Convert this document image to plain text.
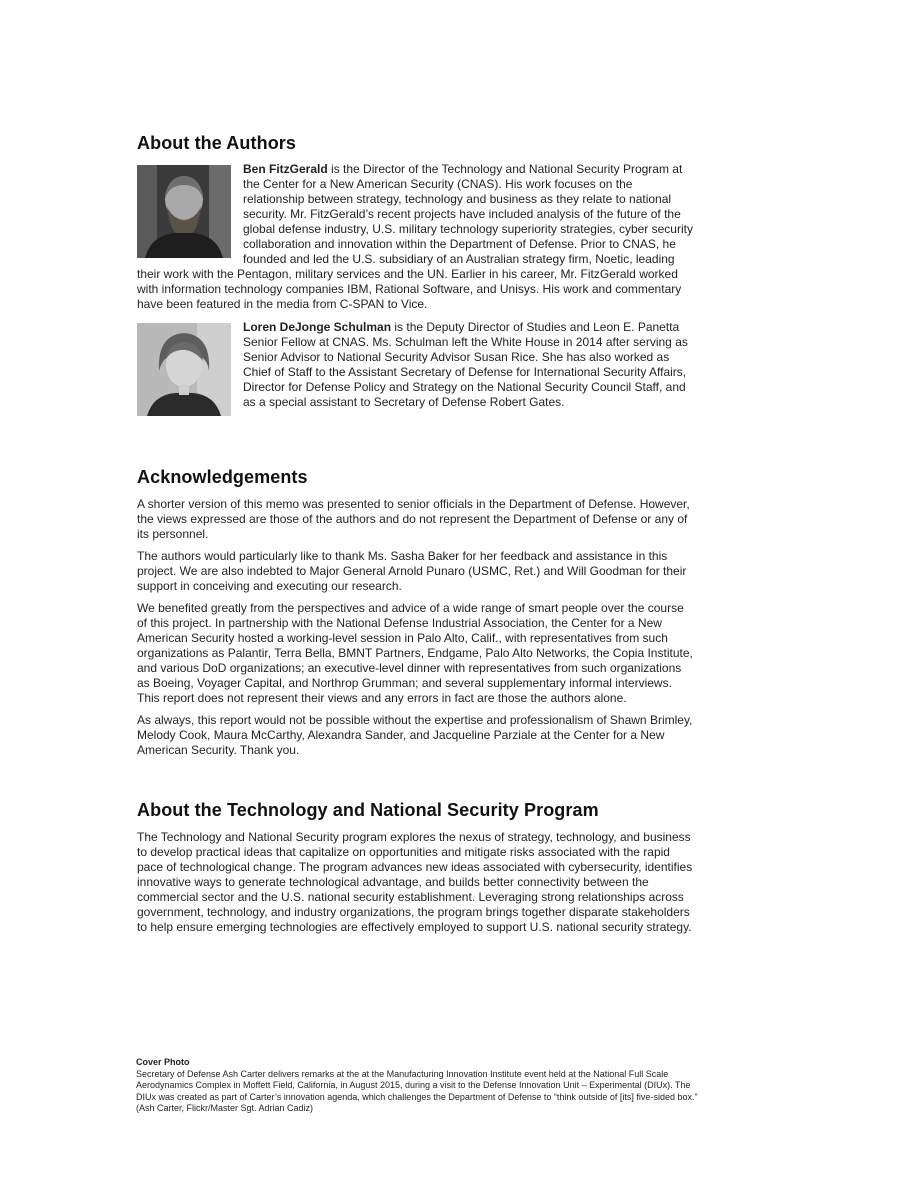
About the Authors

Ben FitzGerald is the Director of the Technology and National Security Program at the Center for a New American Security (CNAS). His work focuses on the relationship between strategy, technology and business as they relate to national security. Mr. FitzGerald’s recent projects have included analysis of the future of the global defense industry, U.S. military technology superiority strategies, cyber security collaboration and innovation within the Department of Defense. Prior to CNAS, he founded and led the U.S. subsidiary of an Australian strategy firm, Noetic, leading their work with the Pentagon, military services and the UN. Earlier in his career, Mr. FitzGerald worked with information technology companies IBM, Rational Software, and Unisys. His work and commentary have been featured in the media from C-SPAN to Vice.

Loren DeJonge Schulman is the Deputy Director of Studies and Leon E. Panetta Senior Fellow at CNAS. Ms. Schulman left the White House in 2014 after serving as Senior Advisor to National Security Advisor Susan Rice. She has also worked as Chief of Staff to the Assistant Secretary of Defense for International Security Affairs, Director for Defense Policy and Strategy on the National Security Council Staff, and as a special assistant to Secretary of Defense Robert Gates.

Acknowledgements

A shorter version of this memo was presented to senior officials in the Department of Defense. However, the views expressed are those of the authors and do not represent the Department of Defense or any of its personnel.

The authors would particularly like to thank Ms. Sasha Baker for her feedback and assistance in this project. We are also indebted to Major General Arnold Punaro (USMC, Ret.) and Will Goodman for their support in conceiving and executing our research.

We benefited greatly from the perspectives and advice of a wide range of smart people over the course of this project. In partnership with the National Defense Industrial Association, the Center for a New American Security hosted a working-level session in Palo Alto, Calif., with representatives from such organizations as Palantir, Terra Bella, BMNT Partners, Endgame, Palo Alto Networks, the Copia Institute, and various DoD organizations; an executive-level dinner with representatives from such organizations as Boeing, Voyager Capital, and Northrop Grumman; and several supplementary informal interviews. This report does not represent their views and any errors in fact are those the authors alone.

As always, this report would not be possible without the expertise and professionalism of Shawn Brimley, Melody Cook, Maura McCarthy, Alexandra Sander, and Jacqueline Parziale at the Center for a New American Security. Thank you.

About the Technology and National Security Program

The Technology and National Security program explores the nexus of strategy, technology, and business to develop practical ideas that capitalize on opportunities and mitigate risks associated with the rapid pace of technological change. The program advances new ideas associated with cybersecurity, identifies innovative ways to generate technological advantage, and builds better connectivity between the commercial sector and the U.S. national security establishment. Leveraging strong relationships across government, technology, and industry organizations, the program brings together disparate stakeholders to help ensure emerging technologies are effectively employed to support U.S. national security strategy.

Cover Photo
Secretary of Defense Ash Carter delivers remarks at the at the Manufacturing Innovation Institute event held at the National Full Scale Aerodynamics Complex in Moffett Field, California, in August 2015, during a visit to the Defense Innovation Unit – Experimental (DIUx). The DIUx was created as part of Carter’s innovation agenda, which challenges the Department of Defense to “think outside of [its] five-sided box.”
(Ash Carter, Flickr/Master Sgt. Adrian Cadiz)
